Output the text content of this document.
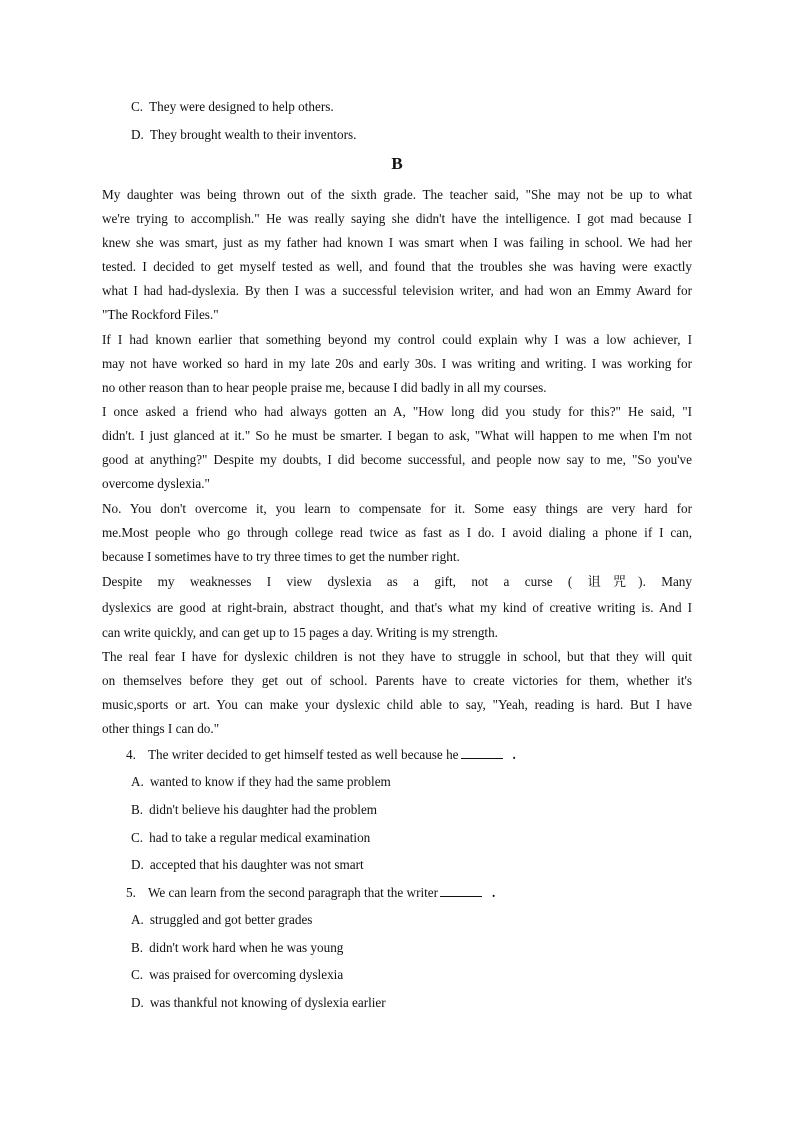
C. They were designed to help others.
D. They brought wealth to their inventors.
B
My daughter was being thrown out of the sixth grade. The teacher said, "She may not be up to what
we're trying to accomplish." He was really saying she didn't have the intelligence. I got mad because I
knew she was smart, just as my father had known I was smart when I was failing in school. We had her
tested. I decided to get myself tested as well, and found that the troubles she was having were exactly
what I had had-dyslexia. By then I was a successful television writer, and had won an Emmy Award for
"The Rockford Files."
If I had known earlier that something beyond my control could explain why I was a low achiever, I
may not have worked so hard in my late 20s and early 30s. I was writing and writing. I was working for
no other reason than to hear people praise me, because I did badly in all my courses.
I once asked a friend who had always gotten an A, "How long did you study for this?" He said, "I
didn't. I just glanced at it." So he must be smarter. I began to ask, "What will happen to me when I'm not
good at anything?" Despite my doubts, I did become successful, and people now say to me, "So you've
overcome dyslexia."
No. You don't overcome it, you learn to compensate for it. Some easy things are very hard for
me.Most people who go through college read twice as fast as I do. I avoid dialing a phone if I can,
because I sometimes have to try three times to get the number right.
Despite my weaknesses I view dyslexia as a gift, not a curse ( 诅咒). Many
dyslexics are good at right-brain, abstract thought, and that's what my kind of creative writing is. And I
can write quickly, and can get up to 15 pages a day. Writing is my strength.
The real fear I have for dyslexic children is not they have to struggle in school, but that they will quit
on themselves before they get out of school. Parents have to create victories for them, whether it's
music,sports or art. You can make your dyslexic child able to say, "Yeah, reading is hard. But I have
other things I can do."
4. The writer decided to get himself tested as well because he	.
A. wanted to know if they had the same problem
B. didn't believe his daughter had the problem
C. had to take a regular medical examination
D. accepted that his daughter was not smart
5. We can learn from the second paragraph that the writer	.
A. struggled and got better grades
B. didn't work hard when he was young
C. was praised for overcoming dyslexia
D. was thankful not knowing of dyslexia earlier
